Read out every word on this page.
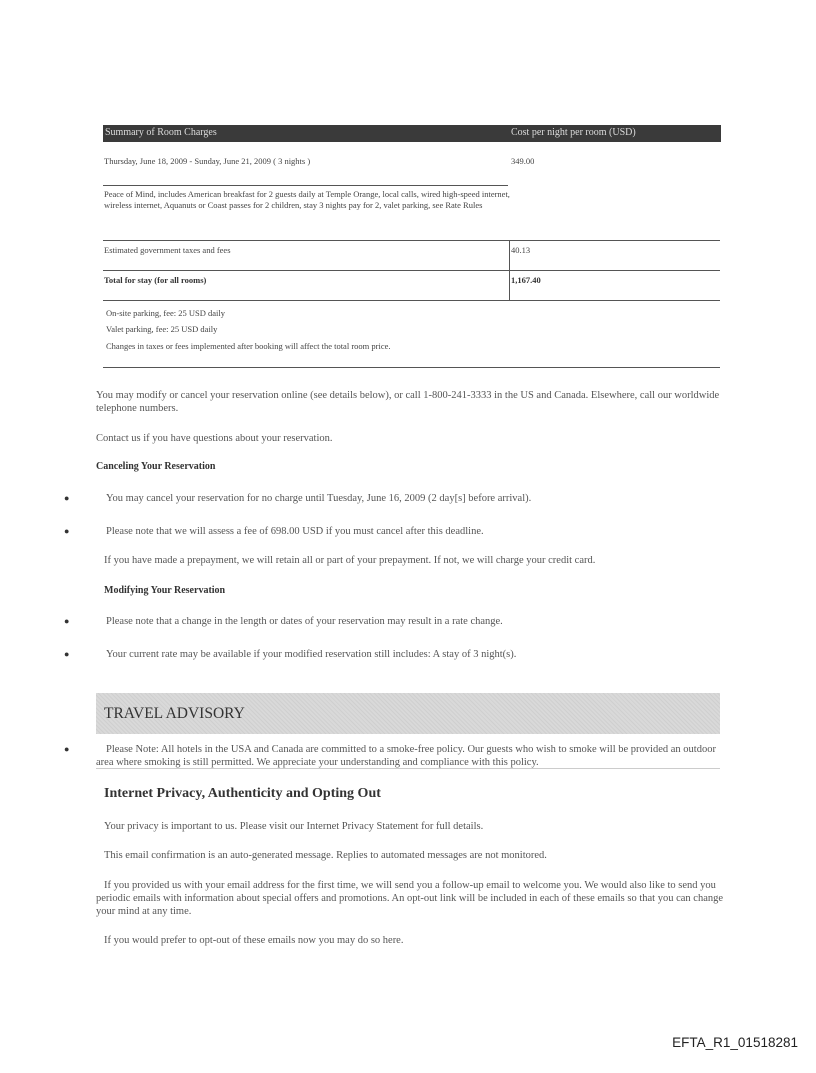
Summary of Room Charges	Cost per night per room (USD)
Thursday, June 18, 2009 - Sunday, June 21, 2009 ( 3 nights )	349.00
Peace of Mind, includes American breakfast for 2 guests daily at Temple Orange, local calls, wired high-speed internet, wireless internet, Aquanuts or Coast passes for 2 children, stay 3 nights pay for 2, valet parking, see Rate Rules
Estimated government taxes and fees	40.13
Total for stay (for all rooms)	1,167.40
On-site parking, fee: 25 USD daily
Valet parking, fee: 25 USD daily
Changes in taxes or fees implemented after booking will affect the total room price.
You may modify or cancel your reservation online (see details below), or call 1-800-241-3333 in the US and Canada. Elsewhere, call our worldwide telephone numbers.
Contact us if you have questions about your reservation.
Canceling Your Reservation
●	You may cancel your reservation for no charge until Tuesday, June 16, 2009 (2 day[s] before arrival).
●	Please note that we will assess a fee of 698.00 USD if you must cancel after this deadline.
If you have made a prepayment, we will retain all or part of your prepayment. If not, we will charge your credit card.
Modifying Your Reservation
●	Please note that a change in the length or dates of your reservation may result in a rate change.
●	Your current rate may be available if your modified reservation still includes: A stay of 3 night(s).
TRAVEL ADVISORY
●	Please Note: All hotels in the USA and Canada are committed to a smoke-free policy. Our guests who wish to smoke will be provided an outdoor area where smoking is still permitted. We appreciate your understanding and compliance with this policy.
Internet Privacy, Authenticity and Opting Out
Your privacy is important to us. Please visit our Internet Privacy Statement for full details.
This email confirmation is an auto-generated message. Replies to automated messages are not monitored.
If you provided us with your email address for the first time, we will send you a follow-up email to welcome you. We would also like to send you periodic emails with information about special offers and promotions. An opt-out link will be included in each of these emails so that you can change your mind at any time.
If you would prefer to opt-out of these emails now you may do so here.
EFTA_R1_01518281
